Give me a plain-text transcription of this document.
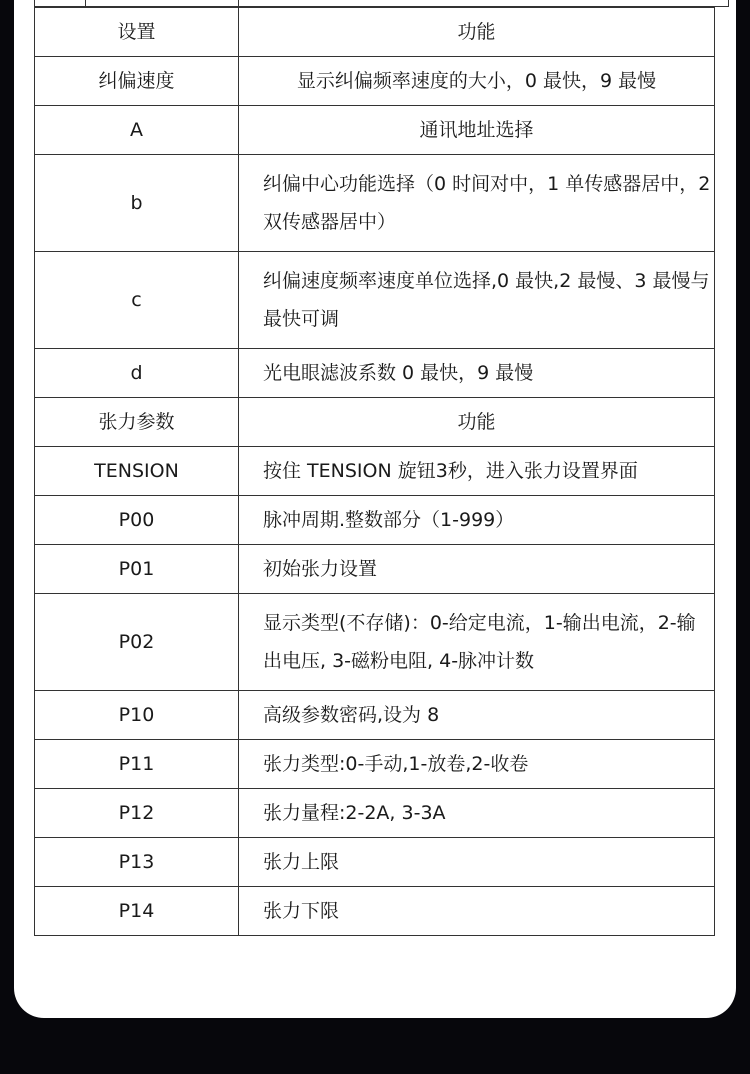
设置	功能
纠偏速度	显示纠偏频率速度的大小，0 最快，9 最慢
A	通讯地址选择
b	纠偏中心功能选择（0 时间对中，1 单传感器居中，2 双传感器居中）
c	纠偏速度频率速度单位选择,0 最快,2 最慢、3 最慢与最快可调
d	光电眼滤波系数 0 最快，9 最慢
张力参数	功能
TENSION	按住 TENSION 旋钮3秒，进入张力设置界面
P00	脉冲周期.整数部分（1-999）
P01	初始张力设置
P02	显示类型(不存储)：0-给定电流，1-输出电流，2-输出电压, 3-磁粉电阻, 4-脉冲计数
P10	高级参数密码,设为 8
P11	张力类型:0-手动,1-放卷,2-收卷
P12	张力量程:2-2A, 3-3A
P13	张力上限
P14	张力下限
